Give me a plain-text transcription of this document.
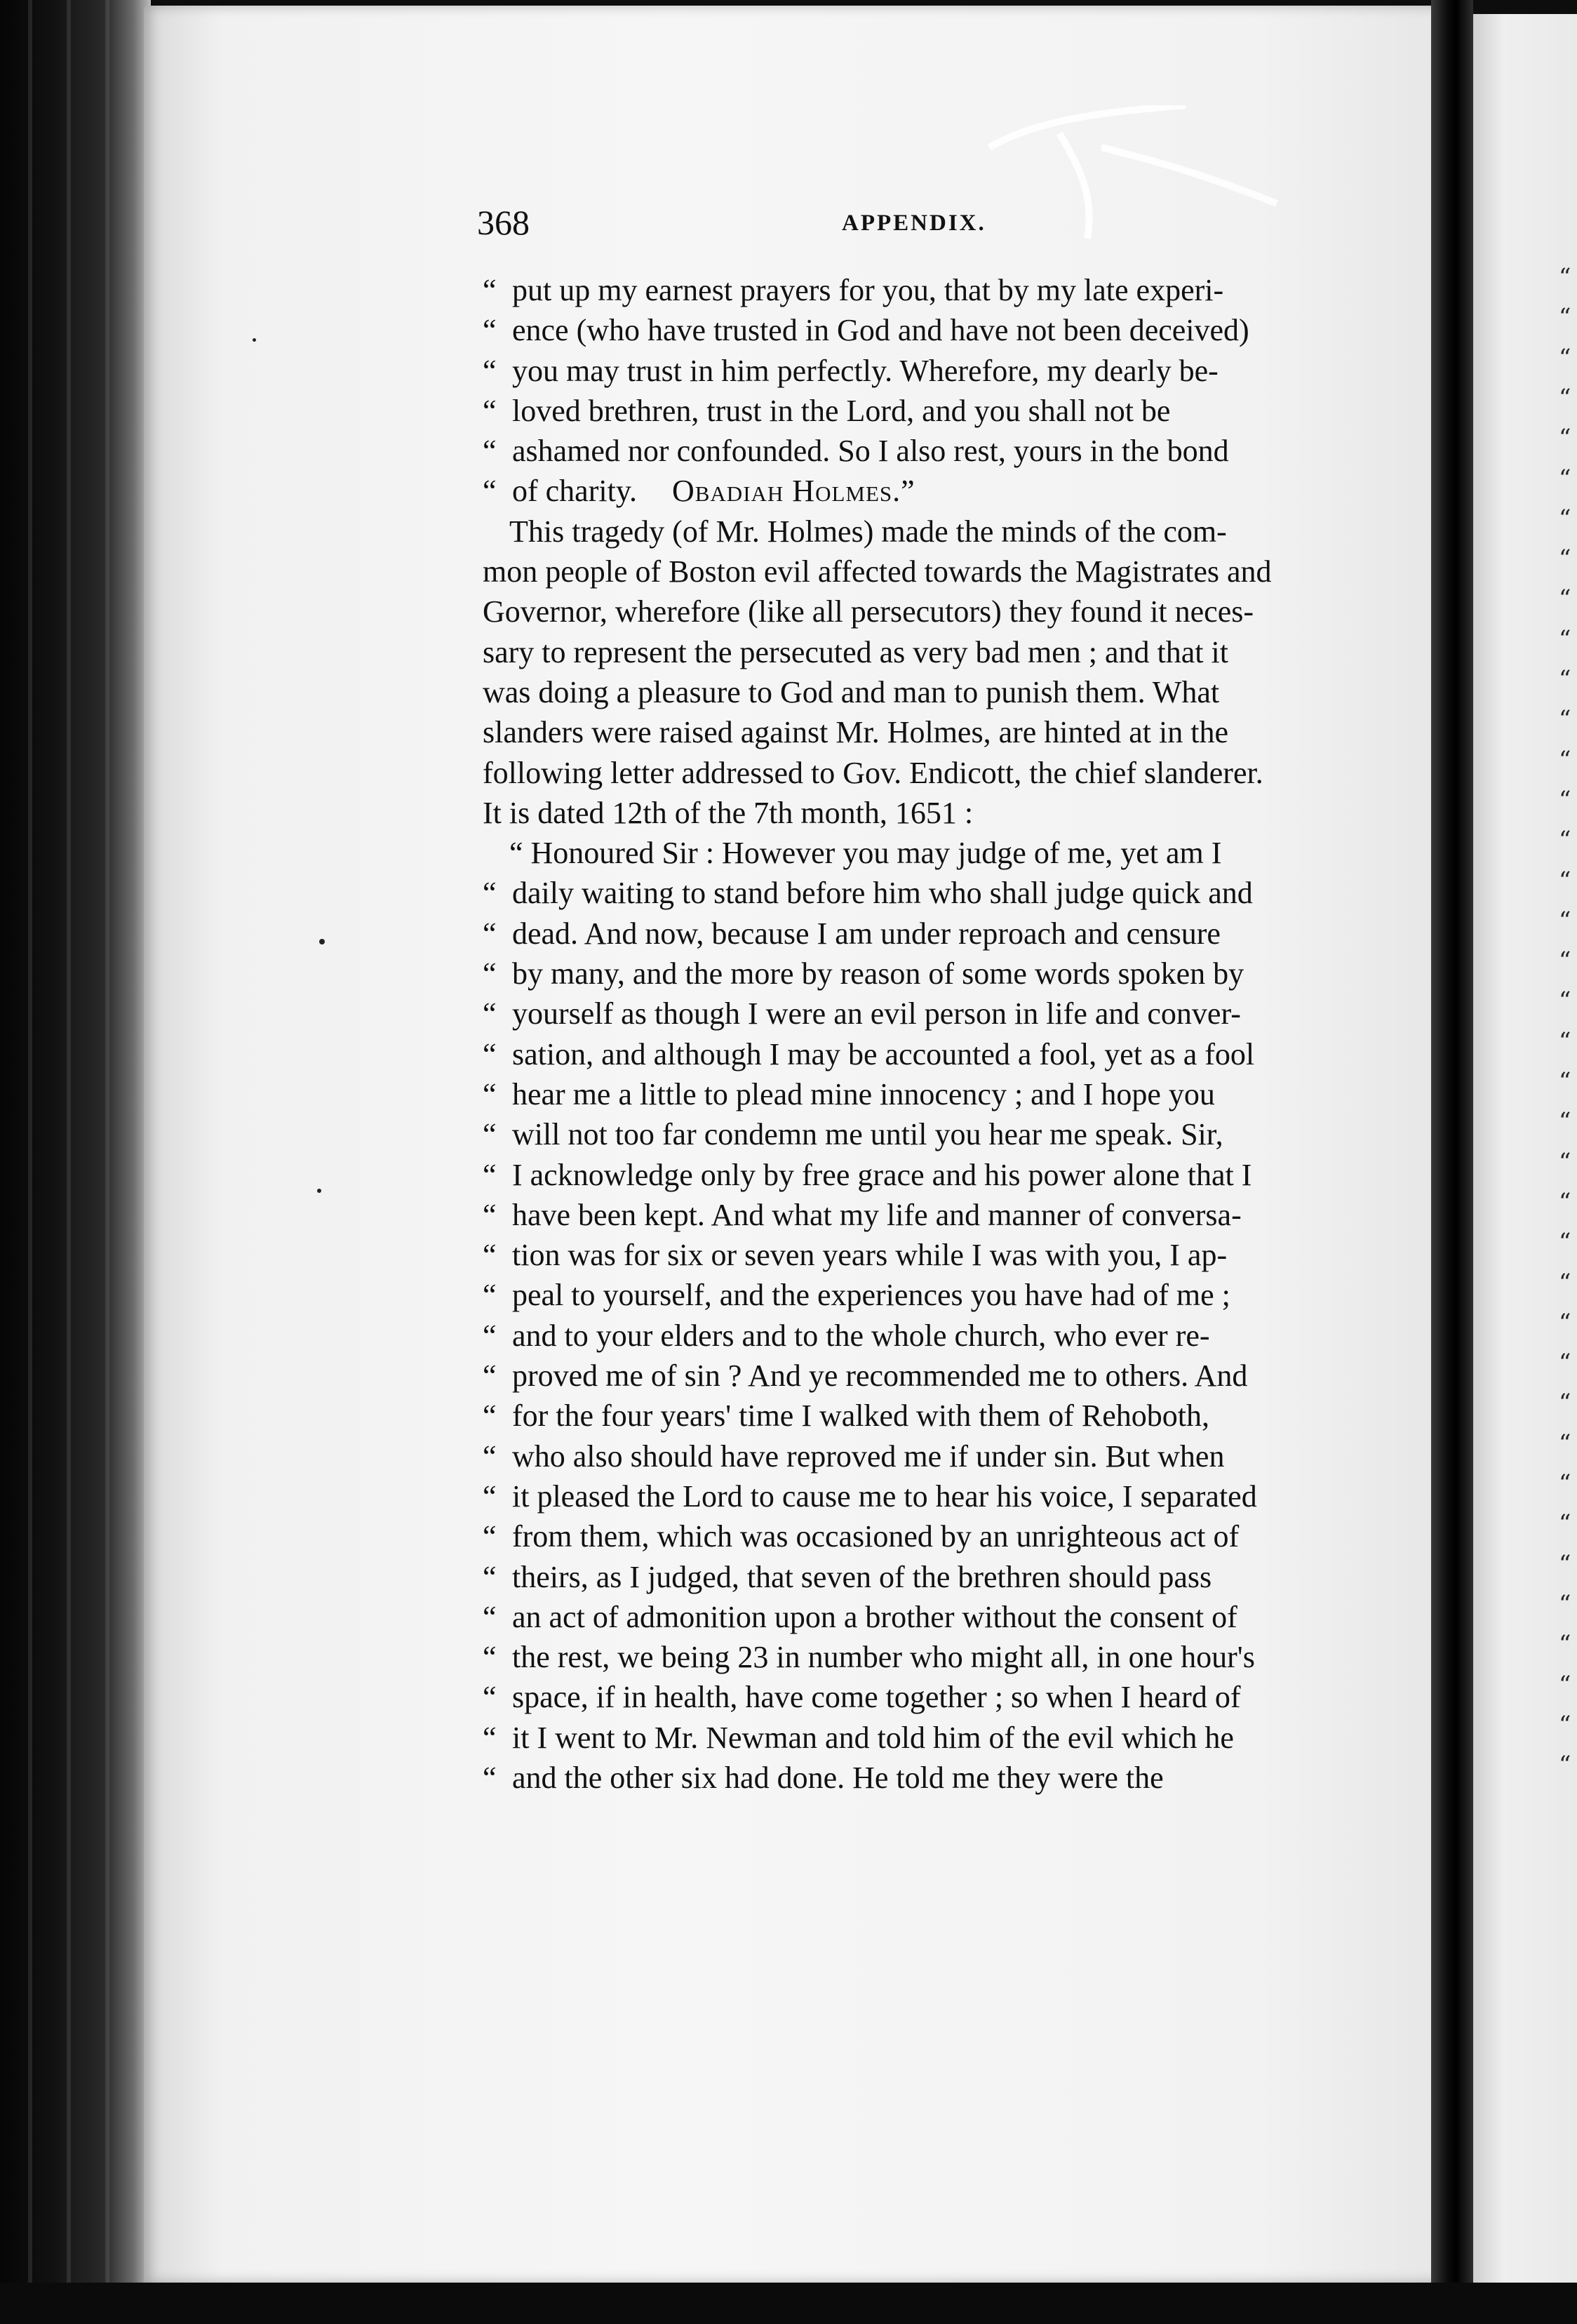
“
“
“
“
“
“
“
“
“
“
“
“
“
“
“
“
“
“
“
“
“
“
“
“
“
“
“
“
“
“
“
“
“
“
“
“
“
“
368	APPENDIX.
“ put up my earnest prayers for you, that by my late experi-
“ ence (who have trusted in God and have not been deceived)
“ you may trust in him perfectly. Wherefore, my dearly be-
“ loved brethren, trust in the Lord, and you shall not be
“ ashamed nor confounded. So I also rest, yours in the bond
“ of charity. Obadiah Holmes.”
This tragedy (of Mr. Holmes) made the minds of the com-
mon people of Boston evil affected towards the Magistrates and
Governor, wherefore (like all persecutors) they found it neces-
sary to represent the persecuted as very bad men ; and that it
was doing a pleasure to God and man to punish them. What
slanders were raised against Mr. Holmes, are hinted at in the
following letter addressed to Gov. Endicott, the chief slanderer.
It is dated 12th of the 7th month, 1651 :
“ Honoured Sir : However you may judge of me, yet am I
“ daily waiting to stand before him who shall judge quick and
“ dead. And now, because I am under reproach and censure
“ by many, and the more by reason of some words spoken by
“ yourself as though I were an evil person in life and conver-
“ sation, and although I may be accounted a fool, yet as a fool
“ hear me a little to plead mine innocency ; and I hope you
“ will not too far condemn me until you hear me speak. Sir,
“ I acknowledge only by free grace and his power alone that I
“ have been kept. And what my life and manner of conversa-
“ tion was for six or seven years while I was with you, I ap-
“ peal to yourself, and the experiences you have had of me ;
“ and to your elders and to the whole church, who ever re-
“ proved me of sin ? And ye recommended me to others. And
“ for the four years' time I walked with them of Rehoboth,
“ who also should have reproved me if under sin. But when
“ it pleased the Lord to cause me to hear his voice, I separated
“ from them, which was occasioned by an unrighteous act of
“ theirs, as I judged, that seven of the brethren should pass
“ an act of admonition upon a brother without the consent of
“ the rest, we being 23 in number who might all, in one hour's
“ space, if in health, have come together ; so when I heard of
“ it I went to Mr. Newman and told him of the evil which he
“ and the other six had done. He told me they were the
